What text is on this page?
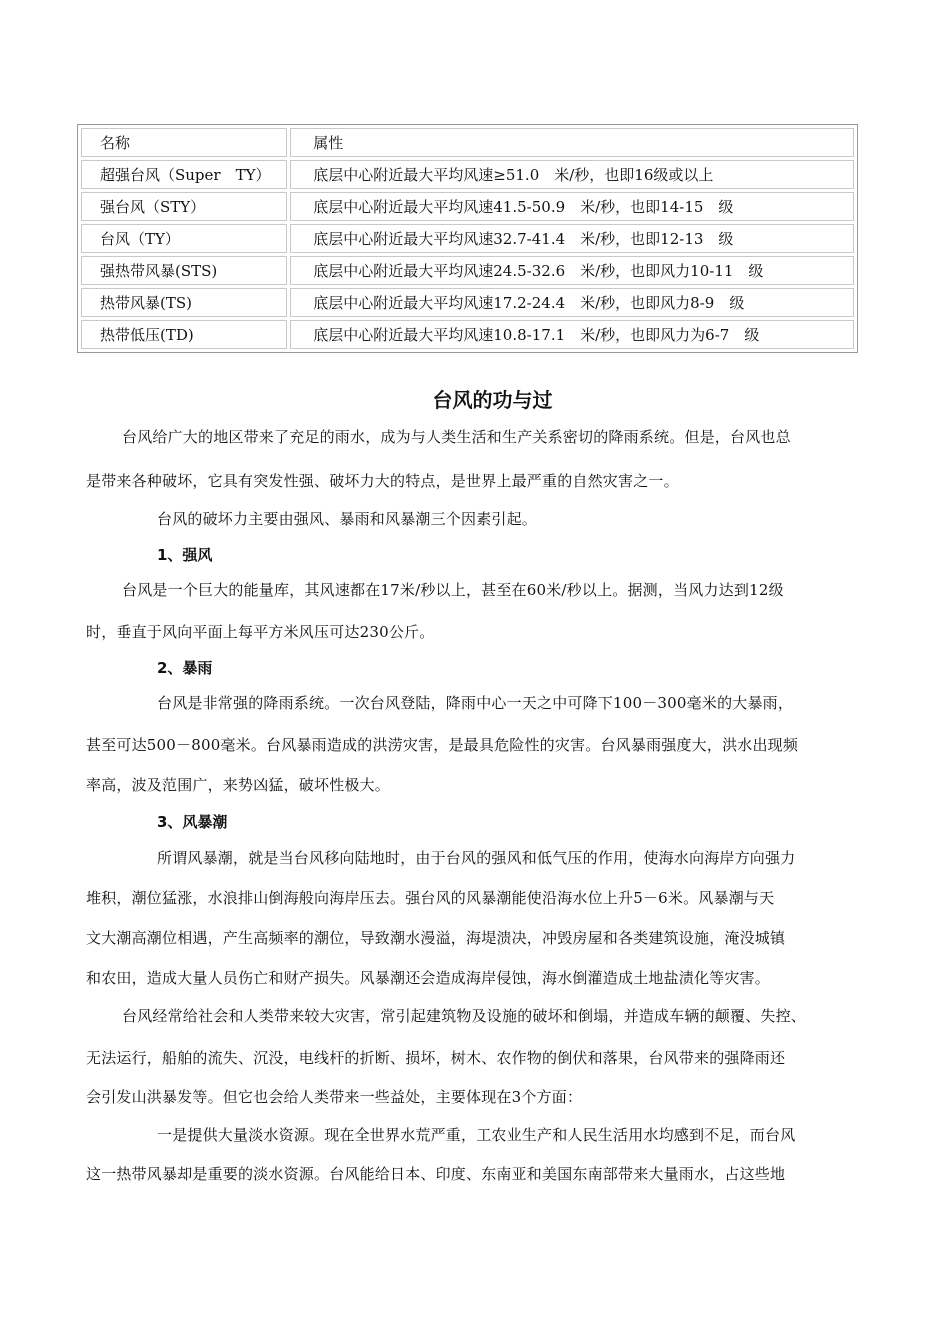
名称	属性
超强台风（Super　TY）	底层中心附近最大平均风速≥51.0　米/秒，也即16级或以上
强台风（STY）	底层中心附近最大平均风速41.5-50.9　米/秒，也即14-15　级
台风（TY）	底层中心附近最大平均风速32.7-41.4　米/秒，也即12-13　级
强热带风暴(STS)	底层中心附近最大平均风速24.5-32.6　米/秒，也即风力10-11　级
热带风暴(TS)	底层中心附近最大平均风速17.2-24.4　米/秒，也即风力8-9　级
热带低压(TD)	底层中心附近最大平均风速10.8-17.1　米/秒，也即风力为6-7　级
台风的功与过

台风给广大的地区带来了充足的雨水，成为与人类生活和生产关系密切的降雨系统。但是，台风也总

是带来各种破坏，它具有突发性强、破坏力大的特点，是世界上最严重的自然灾害之一。

台风的破坏力主要由强风、暴雨和风暴潮三个因素引起。

1、强风

台风是一个巨大的能量库，其风速都在17米/秒以上，甚至在60米/秒以上。据测，当风力达到12级

时，垂直于风向平面上每平方米风压可达230公斤。

2、暴雨

台风是非常强的降雨系统。一次台风登陆，降雨中心一天之中可降下100－300毫米的大暴雨，

甚至可达500－800毫米。台风暴雨造成的洪涝灾害，是最具危险性的灾害。台风暴雨强度大，洪水出现频

率高，波及范围广，来势凶猛，破坏性极大。

3、风暴潮

所谓风暴潮，就是当台风移向陆地时，由于台风的强风和低气压的作用，使海水向海岸方向强力

堆积，潮位猛涨，水浪排山倒海般向海岸压去。强台风的风暴潮能使沿海水位上升5－6米。风暴潮与天

文大潮高潮位相遇，产生高频率的潮位，导致潮水漫溢，海堤溃决，冲毁房屋和各类建筑设施，淹没城镇

和农田，造成大量人员伤亡和财产损失。风暴潮还会造成海岸侵蚀，海水倒灌造成土地盐渍化等灾害。

台风经常给社会和人类带来较大灾害，常引起建筑物及设施的破坏和倒塌，并造成车辆的颠覆、失控、

无法运行，船舶的流失、沉没，电线杆的折断、损坏，树木、农作物的倒伏和落果，台风带来的强降雨还

会引发山洪暴发等。但它也会给人类带来一些益处，主要体现在3个方面：

一是提供大量淡水资源。现在全世界水荒严重，工农业生产和人民生活用水均感到不足，而台风

这一热带风暴却是重要的淡水资源。台风能给日本、印度、东南亚和美国东南部带来大量雨水，占这些地
